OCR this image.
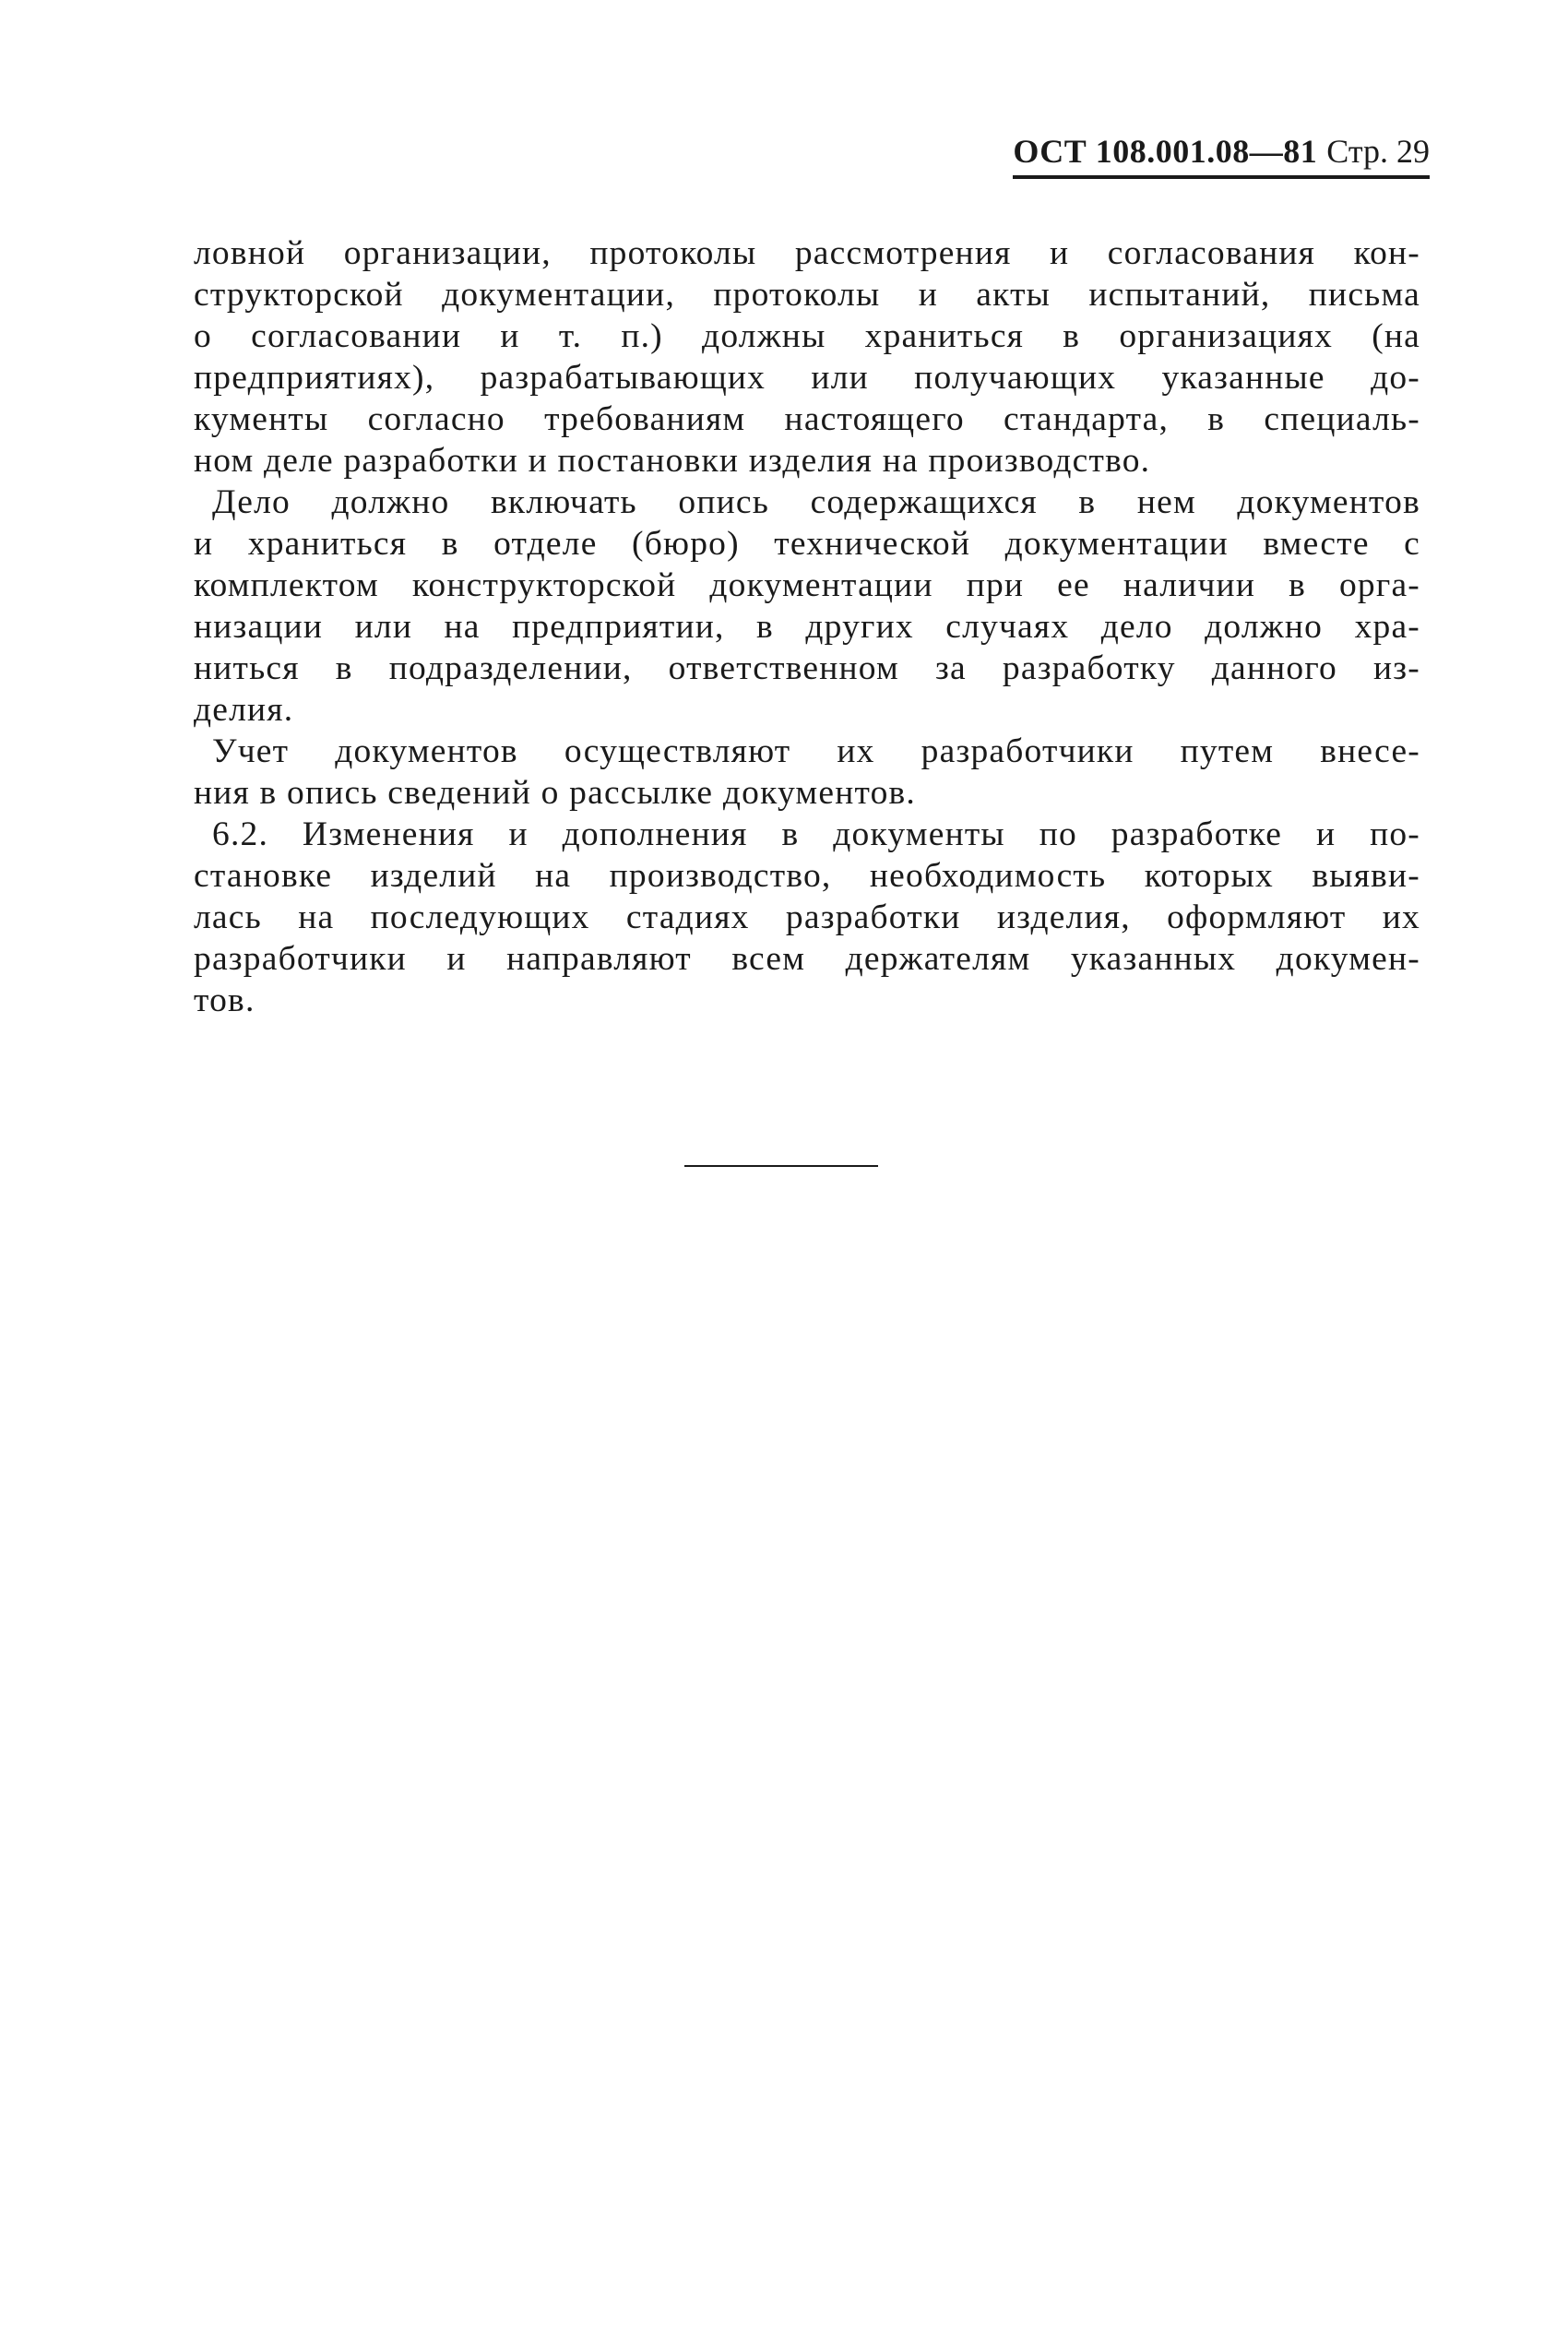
ОСТ 108.001.08—81 Стр. 29
ловной организации, протоколы рассмотрения и согласования кон-
структорской документации, протоколы и акты испытаний, письма
о согласовании и т. п.) должны храниться в организациях (на
предприятиях), разрабатывающих или получающих указанные до-
кументы согласно требованиям настоящего стандарта, в специаль-
ном деле разработки и постановки изделия на производство.
Дело должно включать опись содержащихся в нем документов
и храниться в отделе (бюро) технической документации вместе с
комплектом конструкторской документации при ее наличии в орга-
низации или на предприятии, в других случаях дело должно хра-
ниться в подразделении, ответственном за разработку данного из-
делия.
Учет документов осуществляют их разработчики путем внесе-
ния в опись сведений о рассылке документов.
6.2. Изменения и дополнения в документы по разработке и по-
становке изделий на производство, необходимость которых выяви-
лась на последующих стадиях разработки изделия, оформляют их
разработчики и направляют всем держателям указанных докумен-
тов.
